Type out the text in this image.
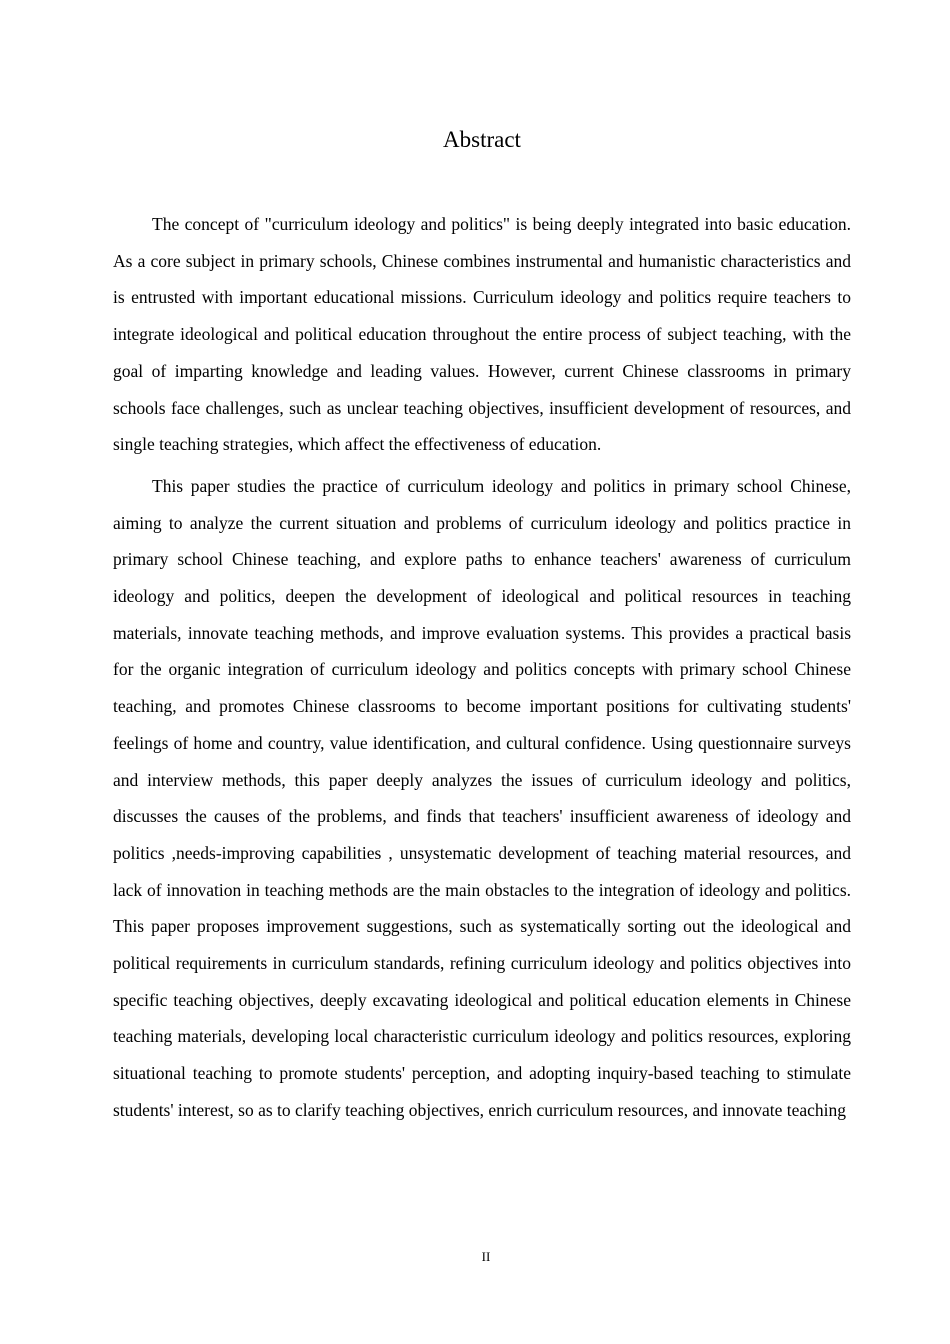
Abstract

The concept of "curriculum ideology and politics" is being deeply integrated into basic education. As a core subject in primary schools, Chinese combines instrumental and humanistic characteristics and is entrusted with important educational missions. Curriculum ideology and politics require teachers to integrate ideological and political education throughout the entire process of subject teaching, with the goal of imparting knowledge and leading values. However, current Chinese classrooms in primary schools face challenges, such as unclear teaching objectives, insufficient development of resources, and single teaching strategies, which affect the effectiveness of education.

This paper studies the practice of curriculum ideology and politics in primary school Chinese, aiming to analyze the current situation and problems of curriculum ideology and politics practice in primary school Chinese teaching, and explore paths to enhance teachers' awareness of curriculum ideology and politics, deepen the development of ideological and political resources in teaching materials, innovate teaching methods, and improve evaluation systems. This provides a practical basis for the organic integration of curriculum ideology and politics concepts with primary school Chinese teaching, and promotes Chinese classrooms to become important positions for cultivating students' feelings of home and country, value identification, and cultural confidence. Using questionnaire surveys and interview methods, this paper deeply analyzes the issues of curriculum ideology and politics, discusses the causes of the problems, and finds that teachers' insufficient awareness of ideology and politics ,needs-improving capabilities , unsystematic development of teaching material resources, and lack of innovation in teaching methods are the main obstacles to the integration of ideology and politics. This paper proposes improvement suggestions, such as systematically sorting out the ideological and political requirements in curriculum standards, refining curriculum ideology and politics objectives into specific teaching objectives, deeply excavating ideological and political education elements in Chinese teaching materials, developing local characteristic curriculum ideology and politics resources, exploring situational teaching to promote students' perception, and adopting inquiry-based teaching to stimulate students' interest, so as to clarify teaching objectives, enrich curriculum resources, and innovate teaching

II
